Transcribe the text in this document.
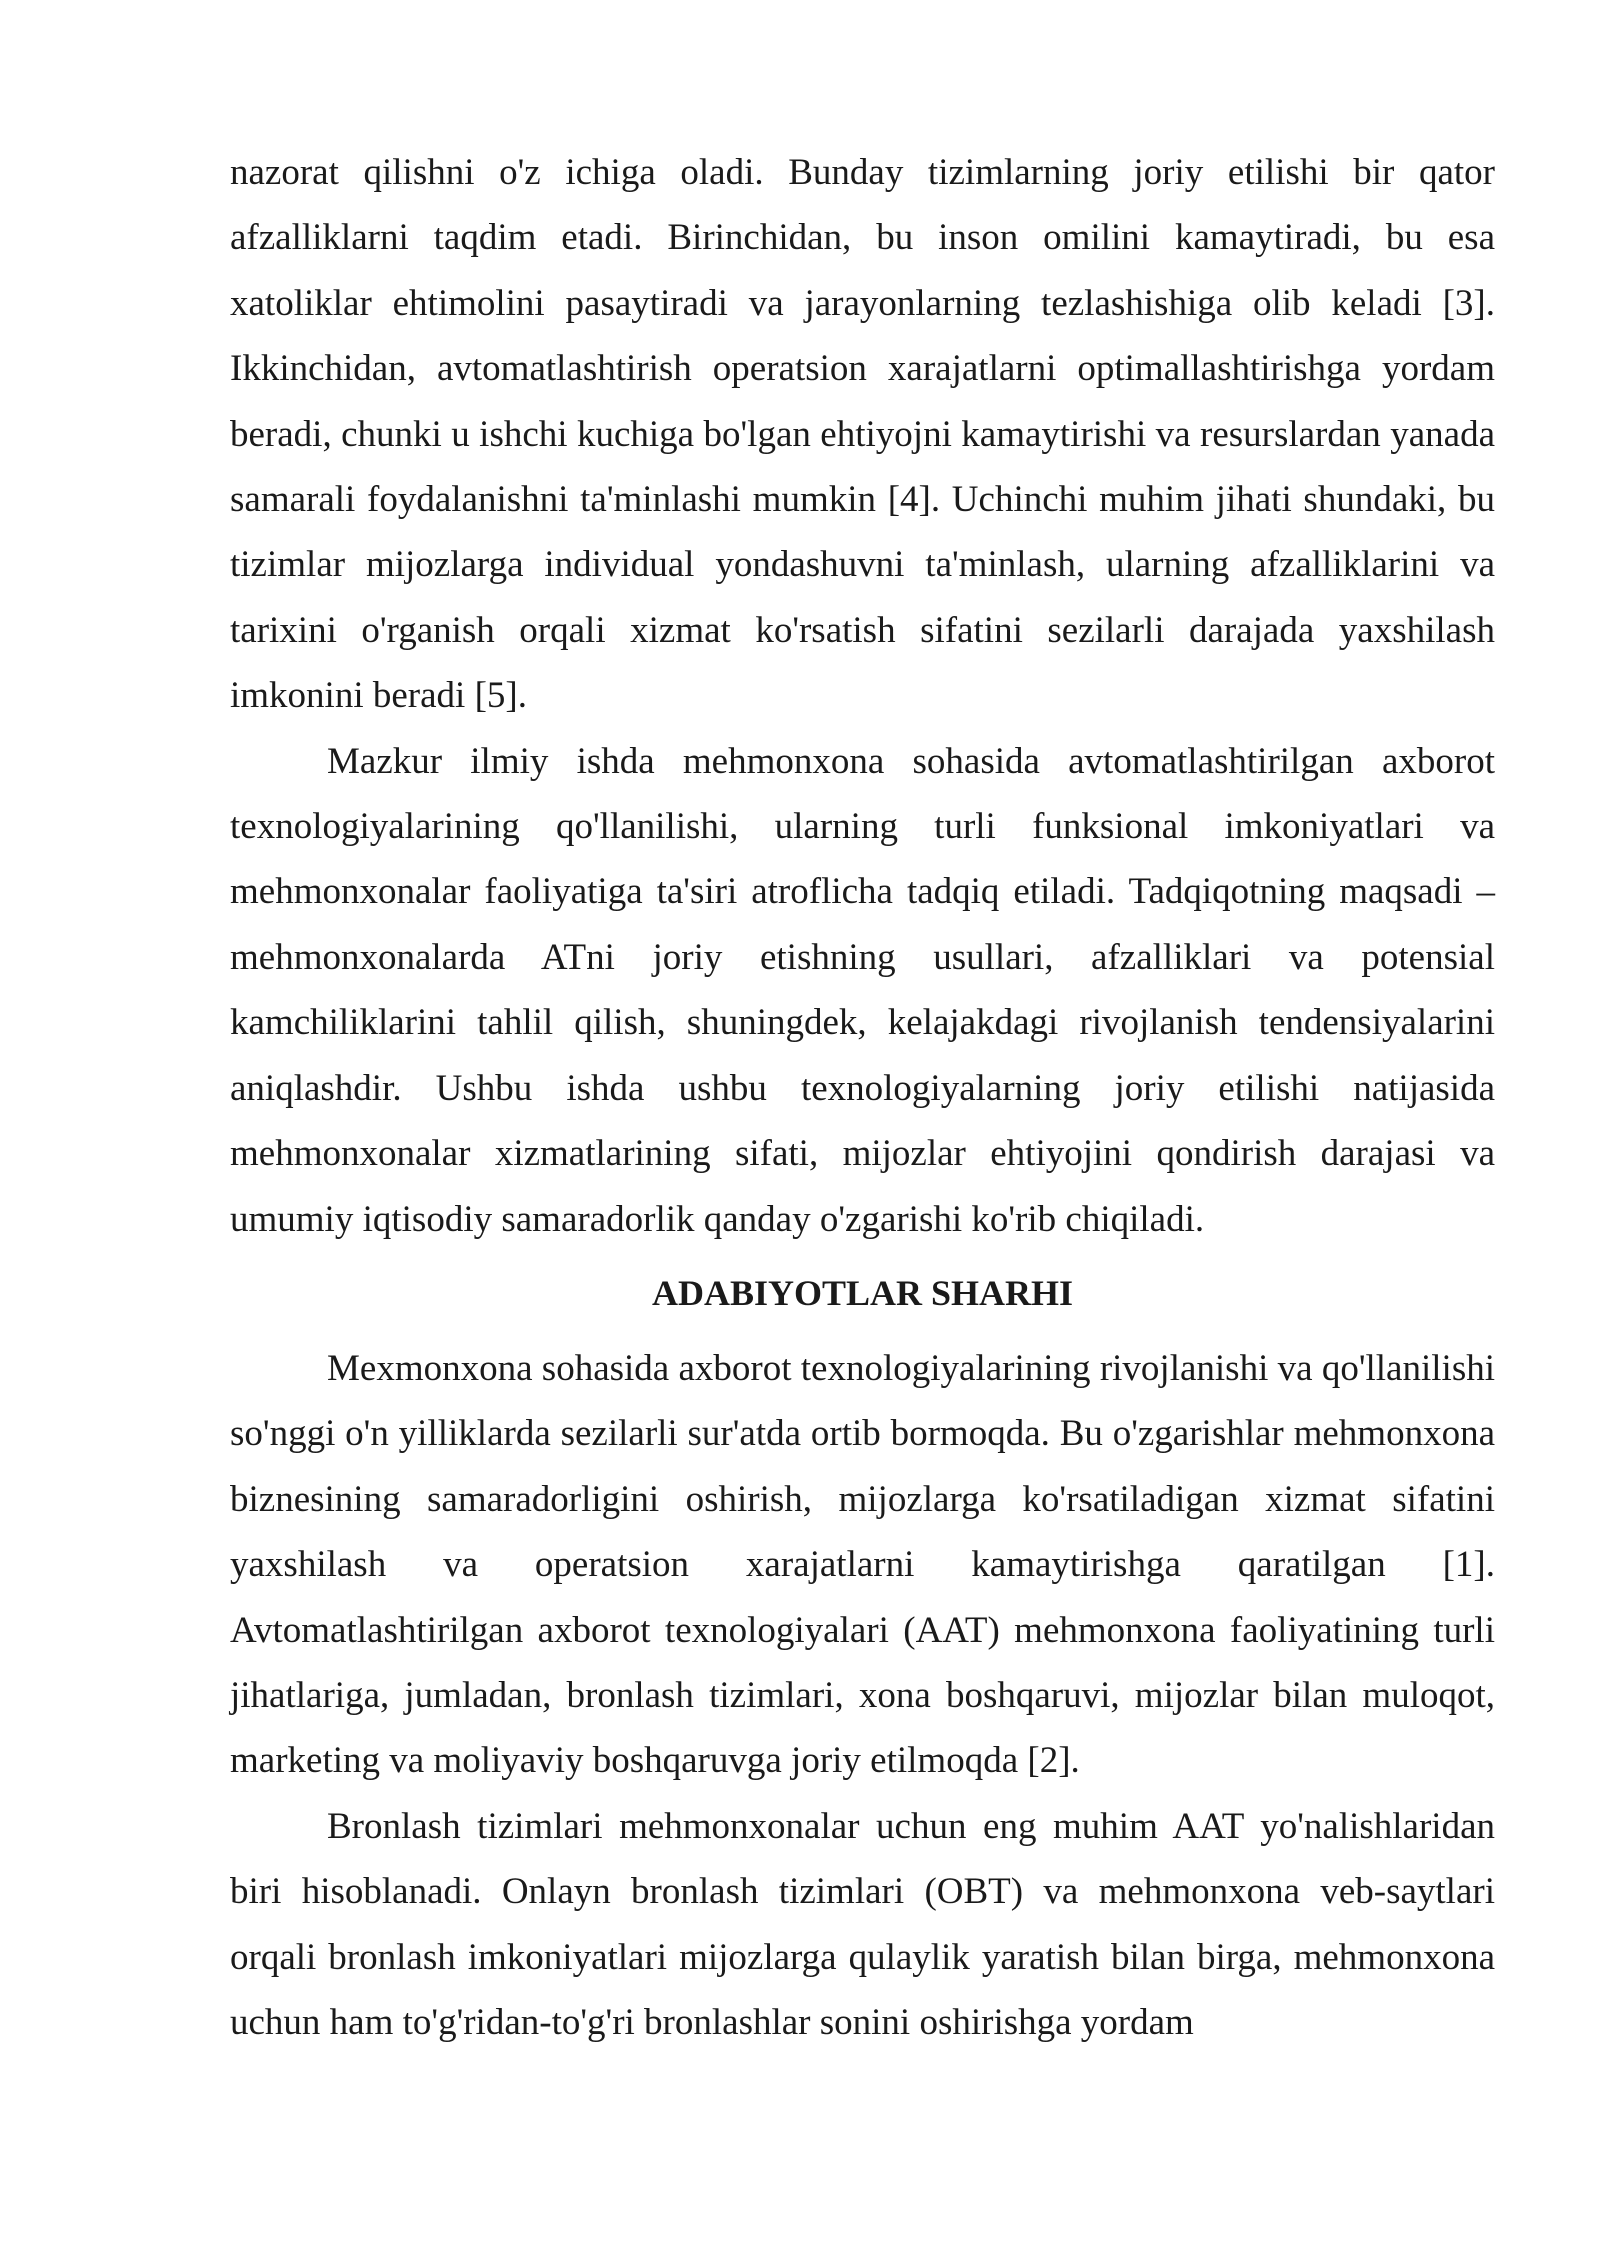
nazorat qilishni o'z ichiga oladi. Bunday tizimlarning joriy etilishi bir qator afzalliklarni taqdim etadi. Birinchidan, bu inson omilini kamaytiradi, bu esa xatoliklar ehtimolini pasaytiradi va jarayonlarning tezlashishiga olib keladi [3]. Ikkinchidan, avtomatlashtirish operatsion xarajatlarni optimallashtirishga yordam beradi, chunki u ishchi kuchiga bo'lgan ehtiyojni kamaytirishi va resurslardan yanada samarali foydalanishni ta'minlashi mumkin [4]. Uchinchi muhim jihati shundaki, bu tizimlar mijozlarga individual yondashuvni ta'minlash, ularning afzalliklarini va tarixini o'rganish orqali xizmat ko'rsatish sifatini sezilarli darajada yaxshilash imkonini beradi [5].

Mazkur ilmiy ishda mehmonxona sohasida avtomatlashtirilgan axborot texnologiyalarining qo'llanilishi, ularning turli funksional imkoniyatlari va mehmonxonalar faoliyatiga ta'siri atroflicha tadqiq etiladi. Tadqiqotning maqsadi – mehmonxonalarda ATni joriy etishning usullari, afzalliklari va potensial kamchiliklarini tahlil qilish, shuningdek, kelajakdagi rivojlanish tendensiyalarini aniqlashdir. Ushbu ishda ushbu texnologiyalarning joriy etilishi natijasida mehmonxonalar xizmatlarining sifati, mijozlar ehtiyojini qondirish darajasi va umumiy iqtisodiy samaradorlik qanday o'zgarishi ko'rib chiqiladi.

ADABIYOTLAR SHARHI

Mexmonxona sohasida axborot texnologiyalarining rivojlanishi va qo'llanilishi so'nggi o'n yilliklarda sezilarli sur'atda ortib bormoqda. Bu o'zgarishlar mehmonxona biznesining samaradorligini oshirish, mijozlarga ko'rsatiladigan xizmat sifatini yaxshilash va operatsion xarajatlarni kamaytirishga qaratilgan [1]. Avtomatlashtirilgan axborot texnologiyalari (AAT) mehmonxona faoliyatining turli jihatlariga, jumladan, bronlash tizimlari, xona boshqaruvi, mijozlar bilan muloqot, marketing va moliyaviy boshqaruvga joriy etilmoqda [2].

Bronlash tizimlari mehmonxonalar uchun eng muhim AAT yo'nalishlaridan biri hisoblanadi. Onlayn bronlash tizimlari (OBT) va mehmonxona veb-saytlari orqali bronlash imkoniyatlari mijozlarga qulaylik yaratish bilan birga, mehmonxona uchun ham to'g'ridan-to'g'ri bronlashlar sonini oshirishga yordam
